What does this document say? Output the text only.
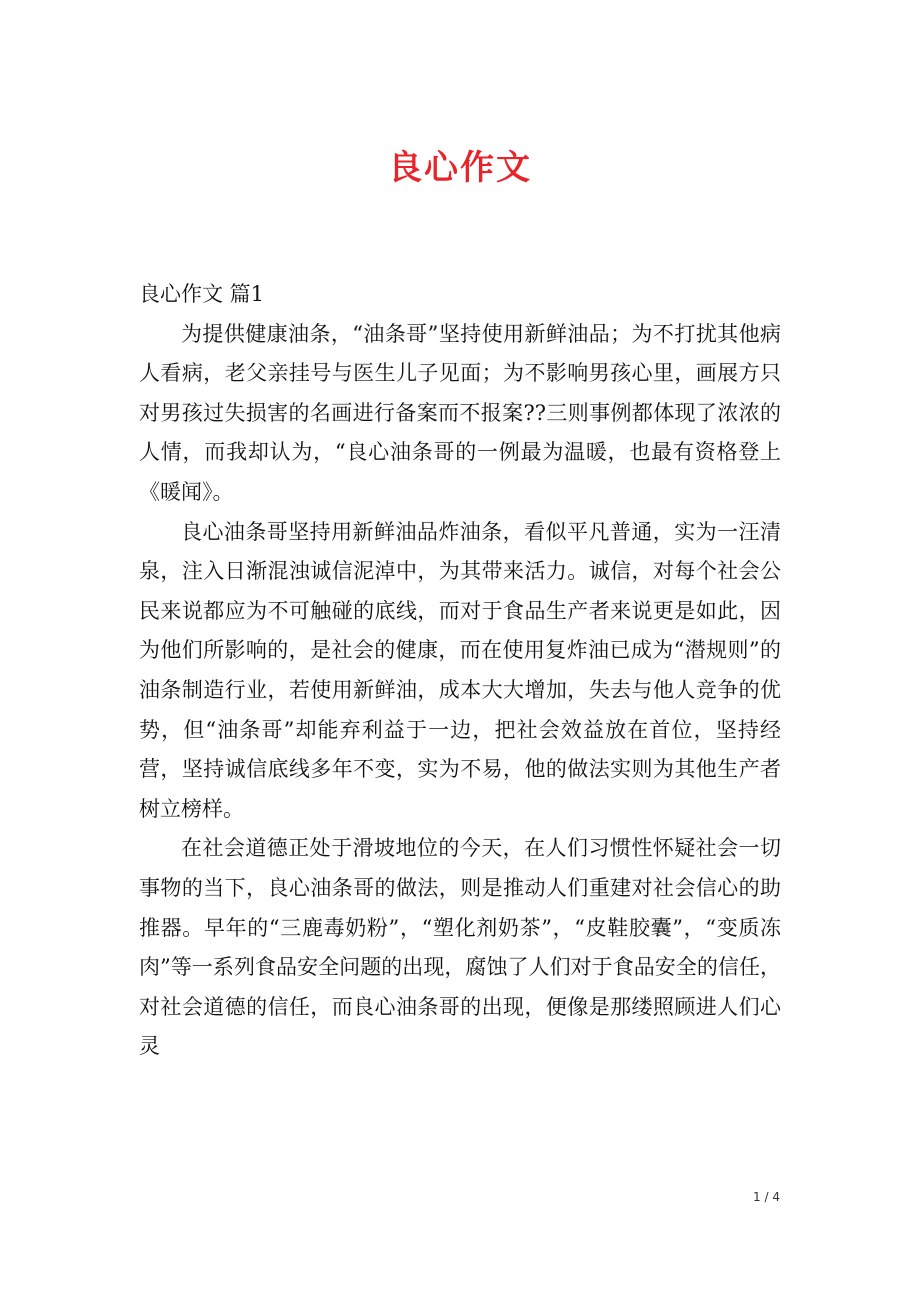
良心作文

良心作文 篇1

为提供健康油条，“油条哥”坚持使用新鲜油品；为不打扰其他病人看病，老父亲挂号与医生儿子见面；为不影响男孩心里，画展方只对男孩过失损害的名画进行备案而不报案??三则事例都体现了浓浓的人情，而我却认为，“良心油条哥的一例最为温暖，也最有资格登上《暖闻》。

良心油条哥坚持用新鲜油品炸油条，看似平凡普通，实为一汪清泉，注入日渐混浊诚信泥淖中，为其带来活力。诚信，对每个社会公民来说都应为不可触碰的底线，而对于食品生产者来说更是如此，因为他们所影响的，是社会的健康，而在使用复炸油已成为“潜规则”的油条制造行业，若使用新鲜油，成本大大增加，失去与他人竞争的优势，但“油条哥”却能弃利益于一边，把社会效益放在首位，坚持经营，坚持诚信底线多年不变，实为不易，他的做法实则为其他生产者树立榜样。

在社会道德正处于滑坡地位的今天，在人们习惯性怀疑社会一切事物的当下，良心油条哥的做法，则是推动人们重建对社会信心的助推器。早年的“三鹿毒奶粉”，“塑化剂奶茶”，“皮鞋胶囊”，“变质冻肉”等一系列食品安全问题的出现，腐蚀了人们对于食品安全的信任，对社会道德的信任，而良心油条哥的出现，便像是那缕照顾进人们心灵

1 / 4
